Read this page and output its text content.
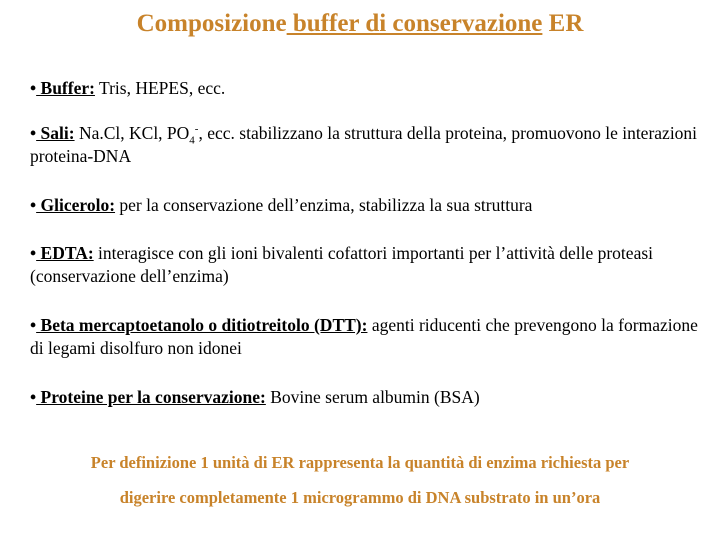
Composizione buffer di conservazione ER
• Buffer: Tris, HEPES, ecc.
• Sali: Na.Cl, KCl, $PO_4^-$, ecc. stabilizzano la struttura della proteina, promuovono le interazioni proteina-DNA
• Glicerolo: per la conservazione dell’enzima, stabilizza la sua struttura
• EDTA: interagisce con gli ioni bivalenti cofattori importanti per l’attività delle proteasi (conservazione dell’enzima)
• Beta mercaptoetanolo o ditiotreitolo (DTT): agenti riducenti che prevengono la formazione di legami disolfuro non idonei
• Proteine per la conservazione: Bovine serum albumin (BSA)
Per definizione 1 unità di ER rappresenta la quantità di enzima richiesta per
digerire completamente 1 microgrammo di DNA substrato in un’ora
